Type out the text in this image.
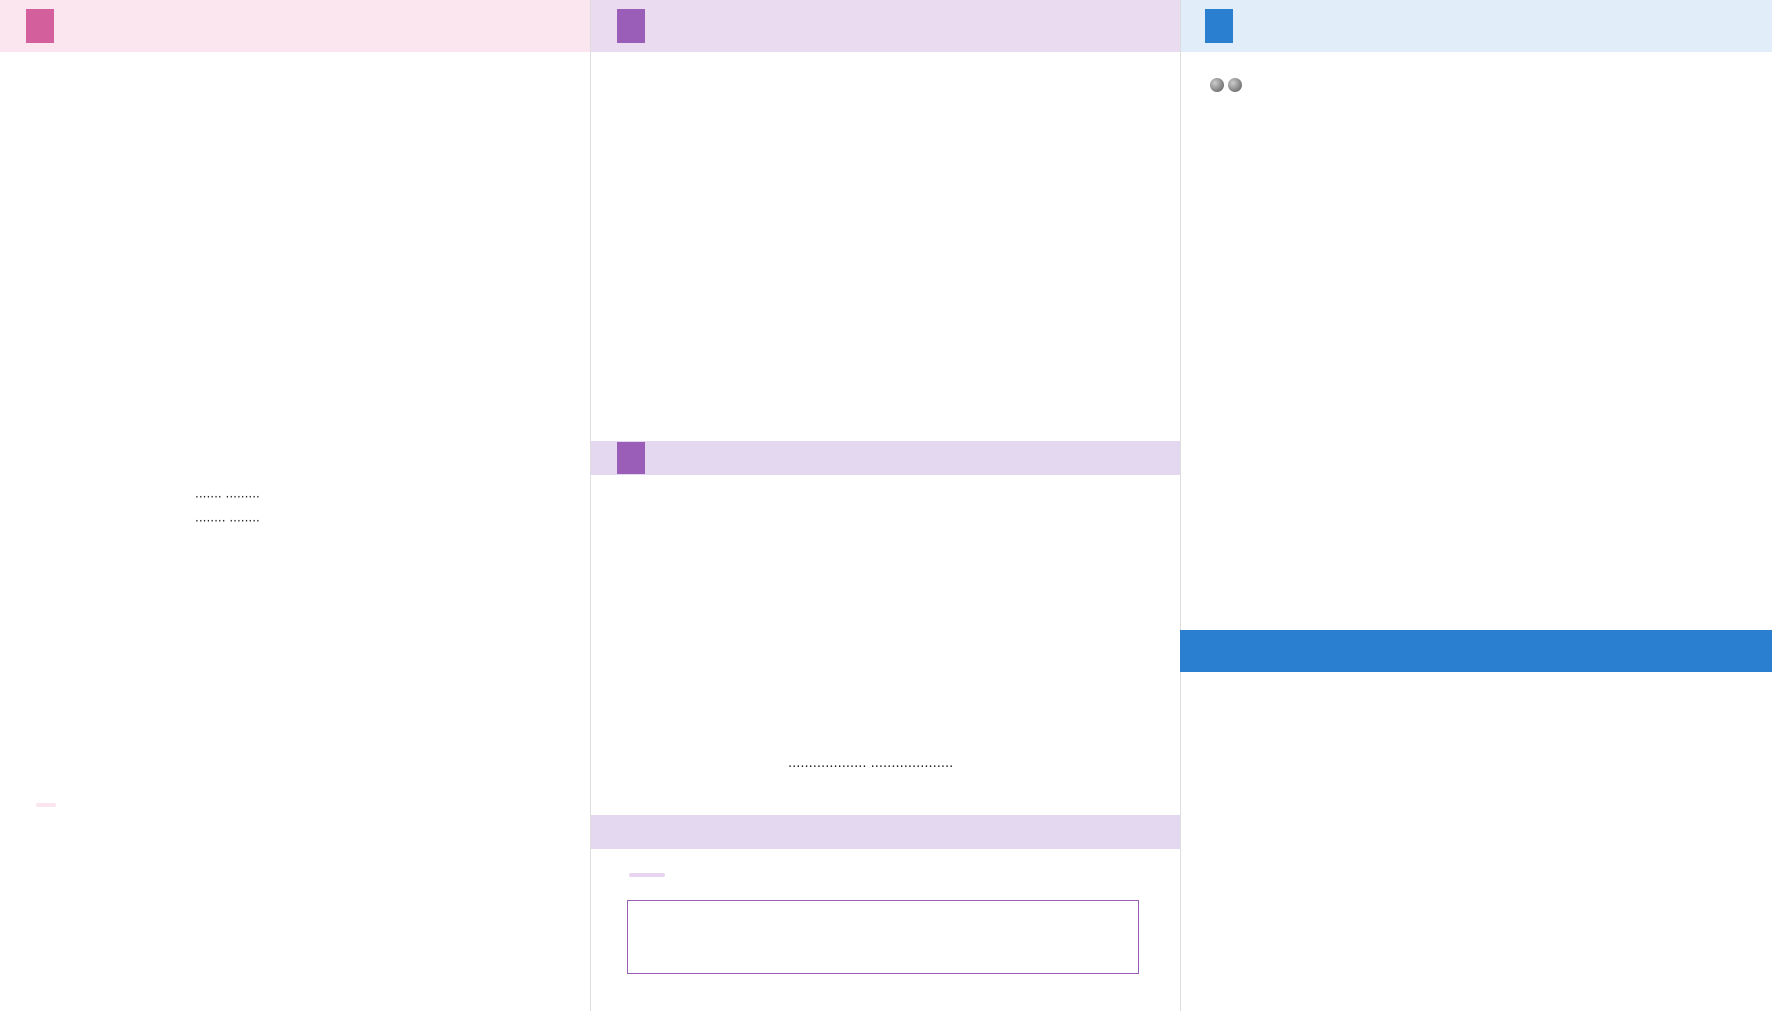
······· ·········
········ ········
··················· ····················
